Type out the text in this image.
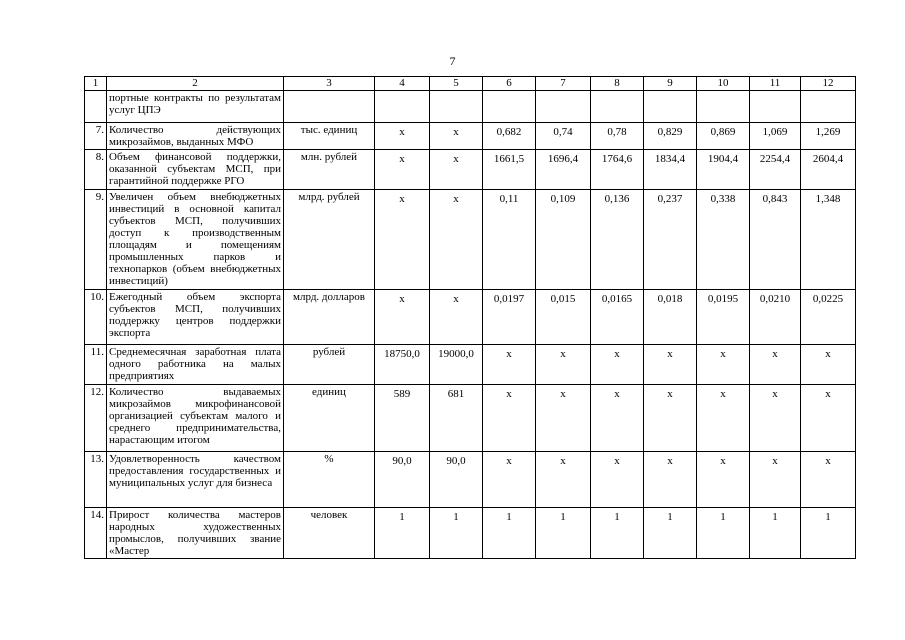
7
1	2	3	4	5	6	7	8	9	10	11	12
	портные контракты по результатам услуг ЦПЭ										
7.	Количество действующих микрозаймов, выданных МФО	тыс. единиц	х	х	0,682	0,74	0,78	0,829	0,869	1,069	1,269
8.	Объем финансовой поддержки, оказанной субъектам МСП, при гарантийной поддержке РГО	млн. рублей	х	х	1661,5	1696,4	1764,6	1834,4	1904,4	2254,4	2604,4
9.	Увеличен объем внебюджетных инвестиций в основной капитал субъектов МСП, получивших доступ к производственным площадям и помещениям промышленных парков и технопарков (объем внебюджетных инвестиций)	млрд. рублей	х	х	0,11	0,109	0,136	0,237	0,338	0,843	1,348
10.	Ежегодный объем экспорта субъектов МСП, получивших поддержку центров поддержки экспорта	млрд. долларов	х	х	0,0197	0,015	0,0165	0,018	0,0195	0,0210	0,0225
11.	Среднемесячная заработная плата одного работника на малых предприятиях	рублей	18750,0	19000,0	х	х	х	х	х	х	х
12.	Количество выдаваемых микрозаймов микрофинансовой организацией субъектам малого и среднего предпринимательства, нарастающим итогом	единиц	589	681	х	х	х	х	х	х	х
13.	Удовлетворенность качеством предоставления государственных и муниципальных услуг для бизнеса	%	90,0	90,0	х	х	х	х	х	х	х
14.	Прирост количества мастеров народных художественных промыслов, получивших звание «Мастер	человек	1	1	1	1	1	1	1	1	1
